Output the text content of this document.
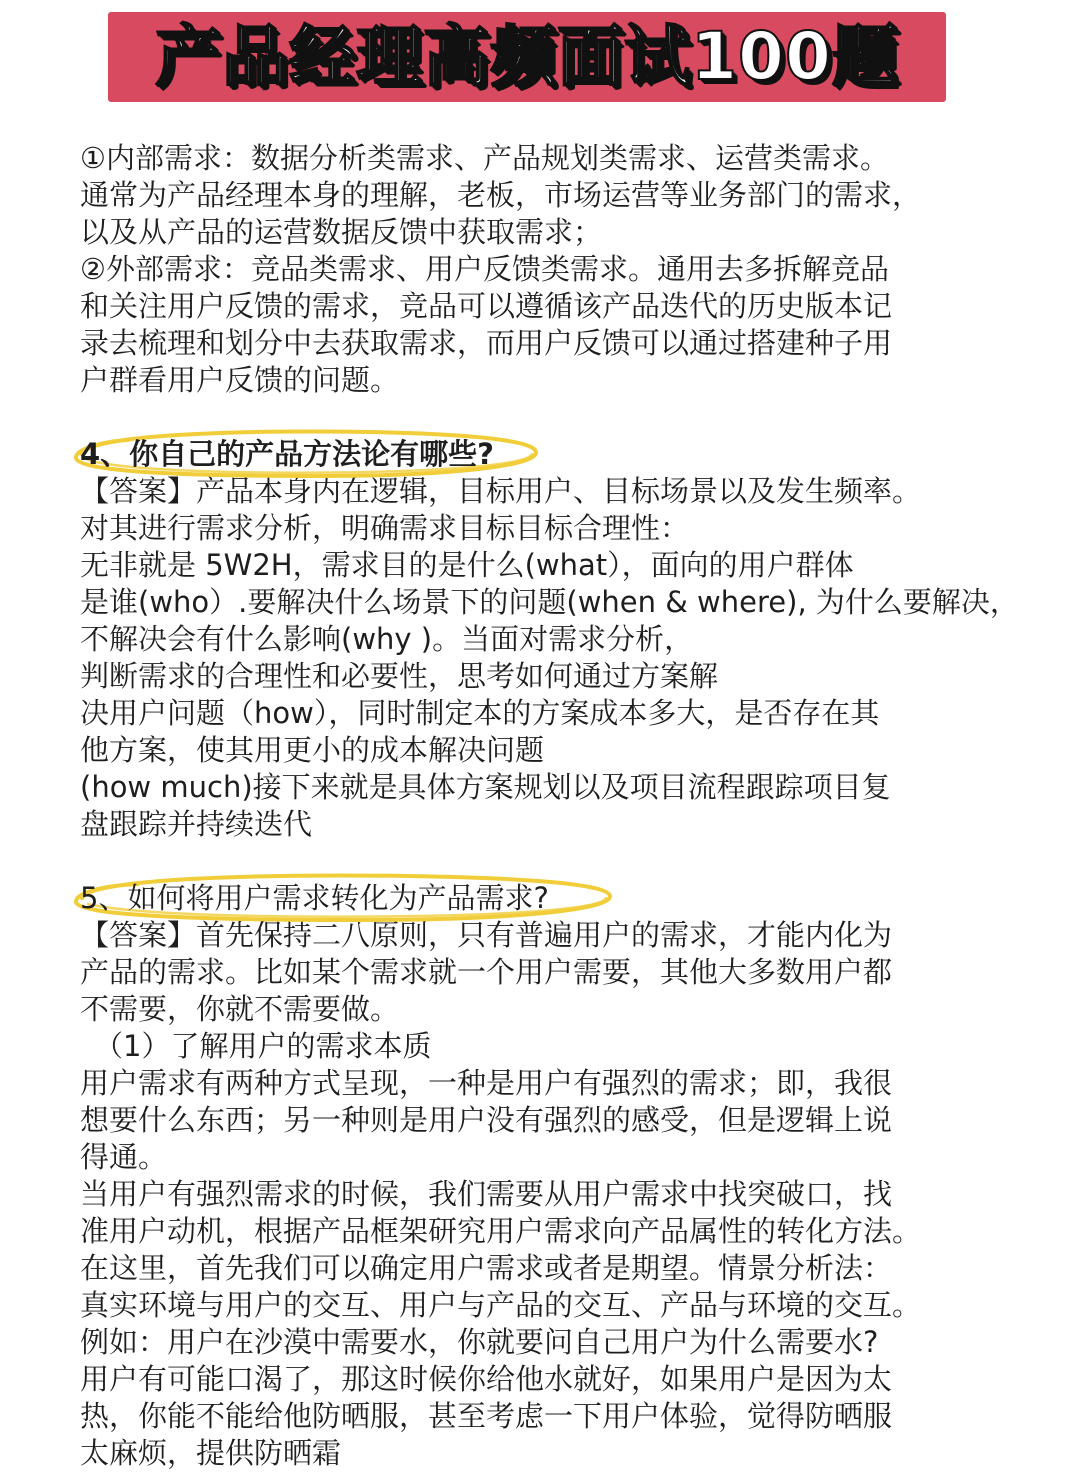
产品经理高频面试100题
①内部需求：数据分析类需求、产品规划类需求、运营类需求。
通常为产品经理本身的理解，老板，市场运营等业务部门的需求，
以及从产品的运营数据反馈中获取需求；
②外部需求：竞品类需求、用户反馈类需求。通用去多拆解竞品
和关注用户反馈的需求，竞品可以遵循该产品迭代的历史版本记
录去梳理和划分中去获取需求，而用户反馈可以通过搭建种子用
户群看用户反馈的问题。
4、你自己的产品方法论有哪些?
【答案】产品本身内在逻辑，目标用户、目标场景以及发生频率。
对其进行需求分析，明确需求目标目标合理性：
无非就是 5W2H，需求目的是什么(what），面向的用户群体
是谁(who）.要解决什么场景下的问题(when & where), 为什么要解决，
不解决会有什么影响(why )。当面对需求分析，
判断需求的合理性和必要性，思考如何通过方案解
决用户问题（how），同时制定本的方案成本多大，是否存在其
他方案，使其用更小的成本解决问题
(how much)接下来就是具体方案规划以及项目流程跟踪项目复
盘跟踪并持续迭代
5、如何将用户需求转化为产品需求?
【答案】首先保持二八原则，只有普遍用户的需求，才能内化为
产品的需求。比如某个需求就一个用户需要，其他大多数用户都
不需要，你就不需要做。
（1）了解用户的需求本质
用户需求有两种方式呈现，一种是用户有强烈的需求；即，我很
想要什么东西；另一种则是用户没有强烈的感受，但是逻辑上说
得通。
当用户有强烈需求的时候，我们需要从用户需求中找突破口，找
准用户动机，根据产品框架研究用户需求向产品属性的转化方法。
在这里，首先我们可以确定用户需求或者是期望。情景分析法：
真实环境与用户的交互、用户与产品的交互、产品与环境的交互。
例如：用户在沙漠中需要水，你就要问自己用户为什么需要水?
用户有可能口渴了，那这时候你给他水就好，如果用户是因为太
热，你能不能给他防晒服，甚至考虑一下用户体验，觉得防晒服
太麻烦，提供防晒霜
